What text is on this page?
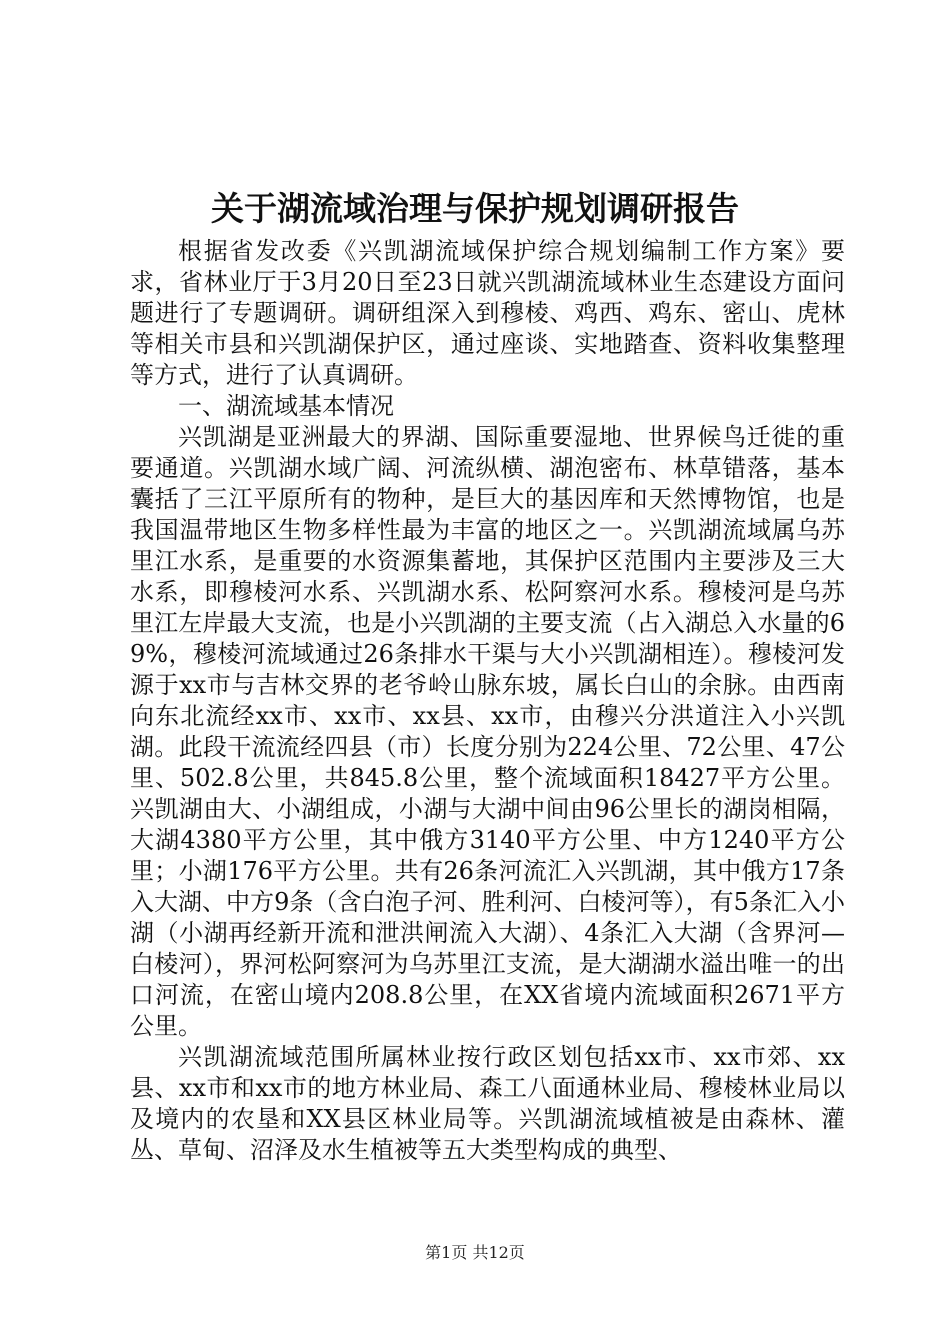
关于湖流域治理与保护规划调研报告

根据省发改委《兴凯湖流域保护综合规划编制工作方案》要求，省林业厅于3月20日至23日就兴凯湖流域林业生态建设方面问题进行了专题调研。调研组深入到穆棱、鸡西、鸡东、密山、虎林等相关市县和兴凯湖保护区，通过座谈、实地踏查、资料收集整理等方式，进行了认真调研。

一、湖流域基本情况

兴凯湖是亚洲最大的界湖、国际重要湿地、世界候鸟迁徙的重要通道。兴凯湖水域广阔、河流纵横、湖泡密布、林草错落，基本囊括了三江平原所有的物种，是巨大的基因库和天然博物馆，也是我国温带地区生物多样性最为丰富的地区之一。兴凯湖流域属乌苏里江水系，是重要的水资源集蓄地，其保护区范围内主要涉及三大水系，即穆棱河水系、兴凯湖水系、松阿察河水系。穆棱河是乌苏里江左岸最大支流，也是小兴凯湖的主要支流（占入湖总入水量的69%，穆棱河流域通过26条排水干渠与大小兴凯湖相连）。穆棱河发源于xx市与吉林交界的老爷岭山脉东坡，属长白山的余脉。由西南向东北流经xx市、xx市、xx县、xx市，由穆兴分洪道注入小兴凯湖。此段干流流经四县（市）长度分别为224公里、72公里、47公里、502.8公里，共845.8公里，整个流域面积18427平方公里。兴凯湖由大、小湖组成，小湖与大湖中间由96公里长的湖岗相隔，大湖4380平方公里，其中俄方3140平方公里、中方1240平方公里；小湖176平方公里。共有26条河流汇入兴凯湖，其中俄方17条入大湖、中方9条（含白泡子河、胜利河、白棱河等），有5条汇入小湖（小湖再经新开流和泄洪闸流入大湖）、4条汇入大湖（含界河—白棱河），界河松阿察河为乌苏里江支流，是大湖湖水溢出唯一的出口河流，在密山境内208.8公里，在XX省境内流域面积2671平方公里。

兴凯湖流域范围所属林业按行政区划包括xx市、xx市郊、xx县、xx市和xx市的地方林业局、森工八面通林业局、穆棱林业局以及境内的农垦和XX县区林业局等。兴凯湖流域植被是由森林、灌丛、草甸、沼泽及水生植被等五大类型构成的典型、

第1页 共12页
